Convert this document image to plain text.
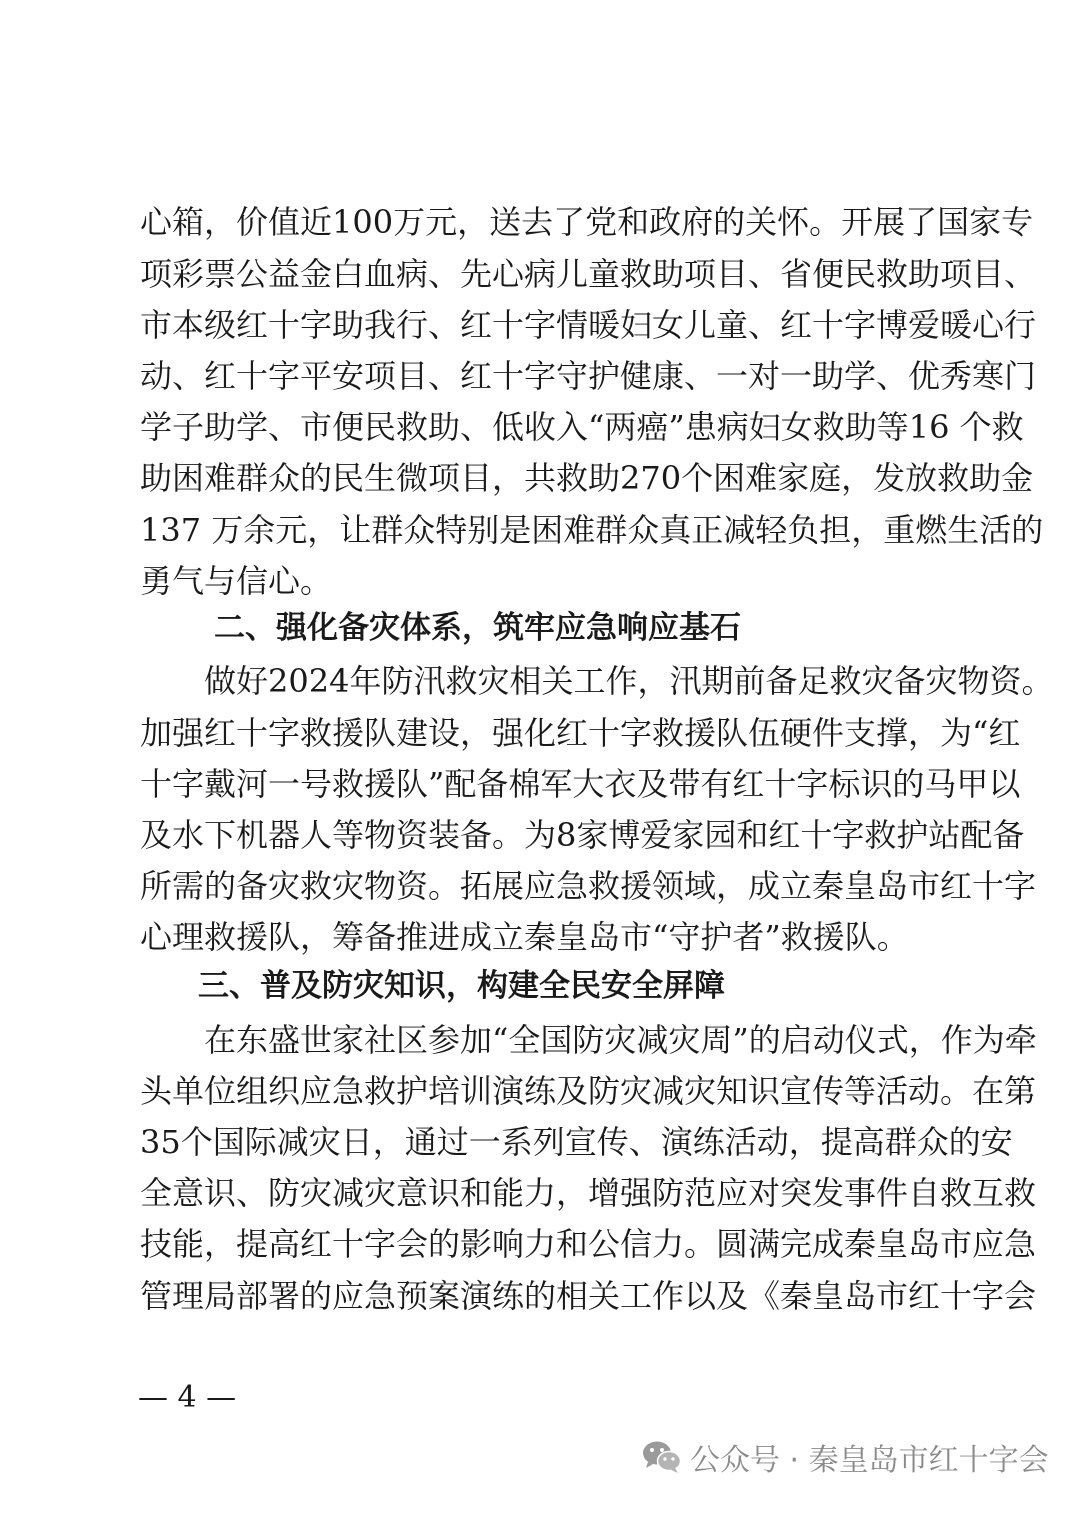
心箱，价值近100万元，送去了党和政府的关怀。开展了国家专
项彩票公益金白血病、先心病儿童救助项目、省便民救助项目、
市本级红十字助我行、红十字情暖妇女儿童、红十字博爱暖心行
动、红十字平安项目、红十字守护健康、一对一助学、优秀寒门
学子助学、市便民救助、低收入“两癌”患病妇女救助等16 个救
助困难群众的民生微项目，共救助270个困难家庭，发放救助金
137 万余元，让群众特别是困难群众真正减轻负担，重燃生活的
勇气与信心。
二、强化备灾体系，筑牢应急响应基石
做好2024年防汛救灾相关工作，汛期前备足救灾备灾物资。
加强红十字救援队建设，强化红十字救援队伍硬件支撑，为“红
十字戴河一号救援队”配备棉军大衣及带有红十字标识的马甲以
及水下机器人等物资装备。为8家博爱家园和红十字救护站配备
所需的备灾救灾物资。拓展应急救援领域，成立秦皇岛市红十字
心理救援队，筹备推进成立秦皇岛市“守护者”救援队。
三、普及防灾知识，构建全民安全屏障
在东盛世家社区参加“全国防灾减灾周”的启动仪式，作为牵
头单位组织应急救护培训演练及防灾减灾知识宣传等活动。在第
35个国际减灾日，通过一系列宣传、演练活动，提高群众的安
全意识、防灾减灾意识和能力，增强防范应对突发事件自救互救
技能，提高红十字会的影响力和公信力。圆满完成秦皇岛市应急
管理局部署的应急预案演练的相关工作以及《秦皇岛市红十字会
— 4 —
公众号 · 秦皇岛市红十字会
